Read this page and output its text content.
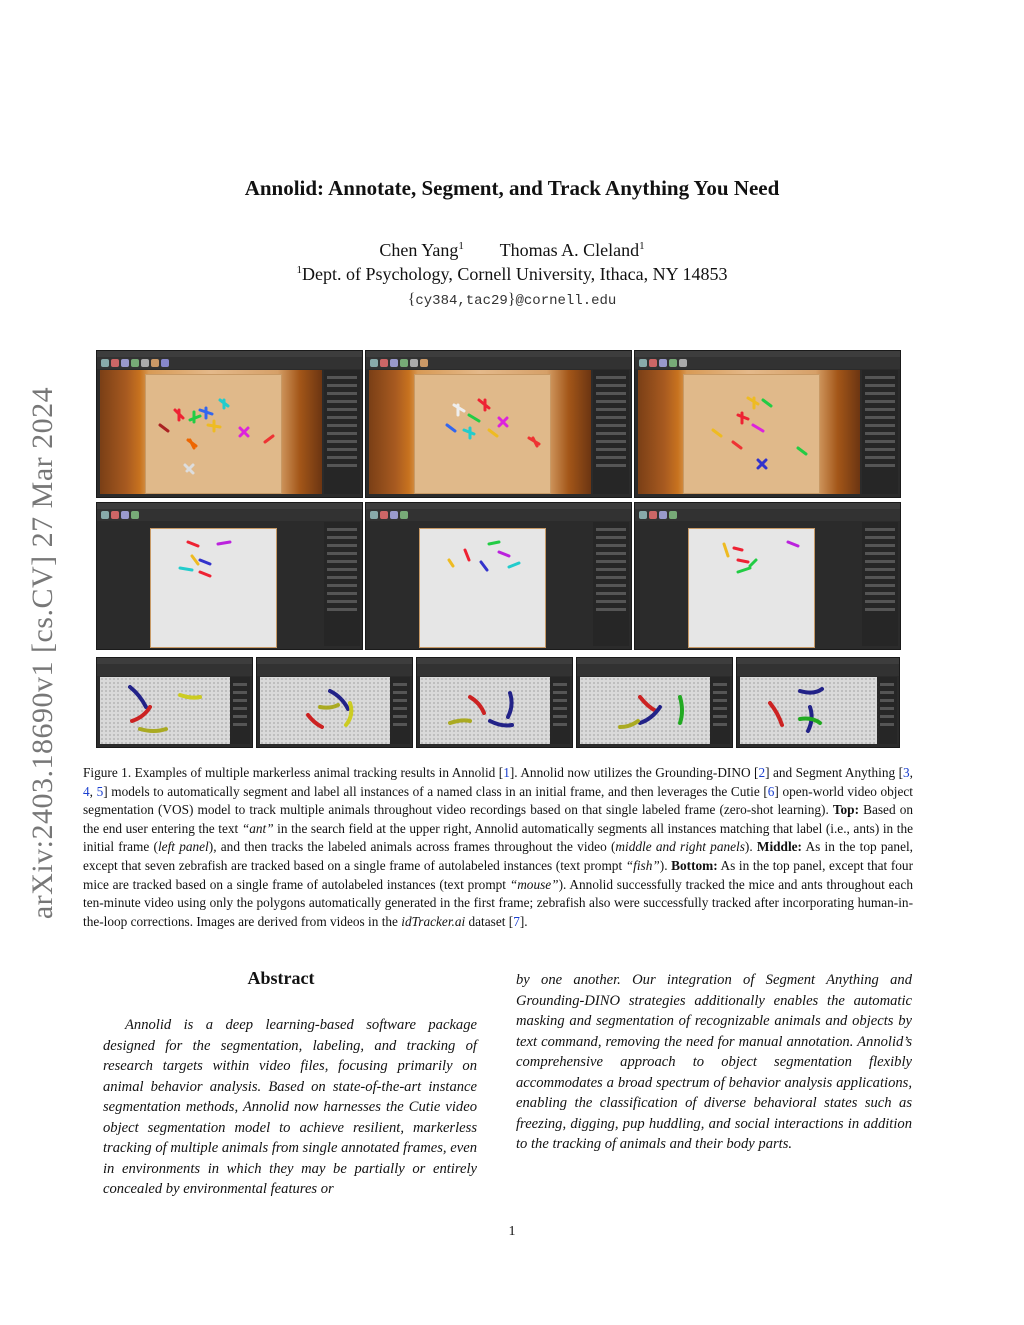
arXiv:2403.18690v1 [cs.CV] 27 Mar 2024
Annolid: Annotate, Segment, and Track Anything You Need
Chen Yang$^1$ Thomas A. Cleland$^1$
$^1$Dept. of Psychology, Cornell University, Ithaca, NY 14853
{cy384,tac29}@cornell.edu
Figure 1. Examples of multiple markerless animal tracking results in Annolid [1]. Annolid now utilizes the Grounding-DINO [2] and Segment Anything [3, 4, 5] models to automatically segment and label all instances of a named class in an initial frame, and then leverages the Cutie [6] open-world video object segmentation (VOS) model to track multiple animals throughout video recordings based on that single labeled frame (zero-shot learning). Top: Based on the end user entering the text “ant” in the search field at the upper right, Annolid automatically segments all instances matching that label (i.e., ants) in the initial frame (left panel), and then tracks the labeled animals across frames throughout the video (middle and right panels). Middle: As in the top panel, except that seven zebrafish are tracked based on a single frame of autolabeled instances (text prompt “fish”). Bottom: As in the top panel, except that four mice are tracked based on a single frame of autolabeled instances (text prompt “mouse”). Annolid successfully tracked the mice and ants throughout each ten-minute video using only the polygons automatically generated in the first frame; zebrafish also were successfully tracked after incorporating human-in-the-loop corrections. Images are derived from videos in the idTracker.ai dataset [7].
Abstract
Annolid is a deep learning-based software package designed for the segmentation, labeling, and tracking of research targets within video files, focusing primarily on animal behavior analysis. Based on state-of-the-art instance segmentation methods, Annolid now harnesses the Cutie video object segmentation model to achieve resilient, markerless tracking of multiple animals from single annotated frames, even in environments in which they may be partially or entirely concealed by environmental features or
by one another. Our integration of Segment Anything and Grounding-DINO strategies additionally enables the automatic masking and segmentation of recognizable animals and objects by text command, removing the need for manual annotation. Annolid’s comprehensive approach to object segmentation flexibly accommodates a broad spectrum of behavior analysis applications, enabling the classification of diverse behavioral states such as freezing, digging, pup huddling, and social interactions in addition to the tracking of animals and their body parts.
1
